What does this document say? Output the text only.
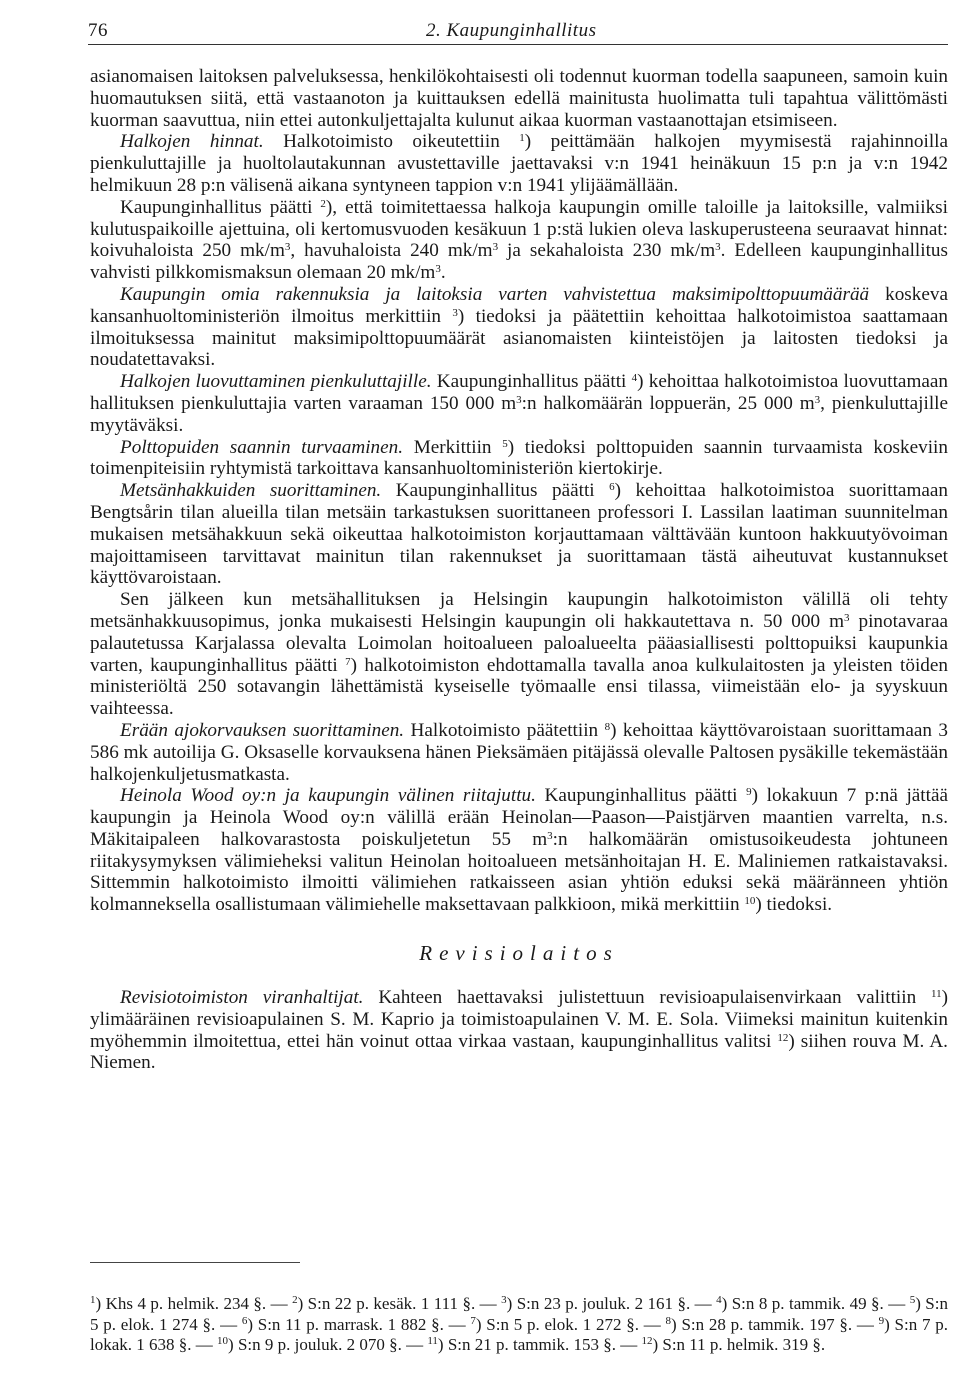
76	2. Kaupunginhallitus

asianomaisen laitoksen palveluksessa, henkilökohtaisesti oli todennut kuorman todella saapuneen, samoin kuin huomautuksen siitä, että vastaanoton ja kuittauksen edellä mainitusta huolimatta tuli tapahtua välittömästi kuorman saavuttua, niin ettei autonkuljettajalta kulunut aikaa kuorman vastaanottajan etsimiseen.

Halkojen hinnat. Halkotoimisto oikeutettiin $^1$) peittämään halkojen myymisestä rajahinnoilla pienkuluttajille ja huoltolautakunnan avustettaville jaettavaksi v:n 1941 heinäkuun 15 p:n ja v:n 1942 helmikuun 28 p:n välisenä aikana syntyneen tappion v:n 1941 ylijäämällään.

Kaupunginhallitus päätti $^2$), että toimitettaessa halkoja kaupungin omille taloille ja laitoksille, valmiiksi kulutuspaikoille ajettuina, oli kertomusvuoden kesäkuun 1 p:stä lukien oleva laskuperusteena seuraavat hinnat: koivuhaloista 250 $mk/m^3$, havuhaloista 240 $mk/m^3$ ja sekahaloista 230 $mk/m^3$. Edelleen kaupunginhallitus vahvisti pilkkomismaksun olemaan 20 $mk/m^3$.

Kaupungin omia rakennuksia ja laitoksia varten vahvistettua maksimipolttopuumäärää koskeva kansanhuoltoministeriön ilmoitus merkittiin $^3$) tiedoksi ja päätettiin kehoittaa halkotoimistoa saattamaan ilmoituksessa mainitut maksimipolttopuumäärät asianomaisten kiinteistöjen ja laitosten tiedoksi ja noudatettavaksi.

Halkojen luovuttaminen pienkuluttajille. Kaupunginhallitus päätti $^4$) kehoittaa halkotoimistoa luovuttamaan hallituksen pienkuluttajia varten varaaman 150 000 $m^3:n$ halkomäärän loppuerän, 25 000 $m^3$, pienkuluttajille myytäväksi.

Polttopuiden saannin turvaaminen. Merkittiin $^5$) tiedoksi polttopuiden saannin turvaamista koskeviin toimenpiteisiin ryhtymistä tarkoittava kansanhuoltoministeriön kiertokirje.

Metsänhakkuiden suorittaminen. Kaupunginhallitus päätti $^6$) kehoittaa halkotoimistoa suorittamaan Bengtsårin tilan alueilla tilan metsäin tarkastuksen suorittaneen professori I. Lassilan laatiman suunnitelman mukaisen metsähakkuun sekä oikeuttaa halkotoimiston korjauttamaan välttävään kuntoon hakkuutyövoiman majoittamiseen tarvittavat mainitun tilan rakennukset ja suorittamaan tästä aiheutuvat kustannukset käyttövaroistaan.

Sen jälkeen kun metsähallituksen ja Helsingin kaupungin halkotoimiston välillä oli tehty metsänhakkuusopimus, jonka mukaisesti Helsingin kaupungin oli hakkautettava n. 50 000 $m^3$ pinotavaraa palautetussa Karjalassa olevalta Loimolan hoitoalueen paloalueelta pääasiallisesti polttopuiksi kaupunkia varten, kaupunginhallitus päätti $^7$) halkotoimiston ehdottamalla tavalla anoa kulkulaitosten ja yleisten töiden ministeriöltä 250 sotavangin lähettämistä kyseiselle työmaalle ensi tilassa, viimeistään elo- ja syyskuun vaihteessa.

Erään ajokorvauksen suorittaminen. Halkotoimisto päätettiin $^8$) kehoittaa käyttövaroistaan suorittamaan 3 586 mk autoilija G. Oksaselle korvauksena hänen Pieksämäen pitäjässä olevalle Paltosen pysäkille tekemästään halkojenkuljetusmatkasta.

Heinola Wood oy:n ja kaupungin välinen riitajuttu. Kaupunginhallitus päätti $^9$) lokakuun 7 p:nä jättää kaupungin ja Heinola Wood oy:n välillä erään Heinolan—Paason—Paistjärven maantien varrelta, n.s. Mäkitaipaleen halkovarastosta poiskuljetetun 55 $m^3:n$ halkomäärän omistusoikeudesta johtuneen riitakysymyksen välimieheksi valitun Heinolan hoitoalueen metsänhoitajan H. E. Maliniemen ratkaistavaksi. Sittemmin halkotoimisto ilmoitti välimiehen ratkaisseen asian yhtiön eduksi sekä määränneen yhtiön kolmanneksella osallistumaan välimiehelle maksettavaan palkkioon, mikä merkittiin $^{10}$) tiedoksi.

Revisiolaitos

Revisiotoimiston viranhaltijat. Kahteen haettavaksi julistettuun revisioapulaisenvirkaan valittiin $^{11}$) ylimääräinen revisioapulainen S. M. Kaprio ja toimistoapulainen V. M. E. Sola. Viimeksi mainitun kuitenkin myöhemmin ilmoitettua, ettei hän voinut ottaa virkaa vastaan, kaupunginhallitus valitsi $^{12}$) siihen rouva M. A. Niemen.

$^1$) Khs 4 p. helmik. 234 §. — $^2$) S:n 22 p. kesäk. 1 111 §. — $^3$) S:n 23 p. jouluk. 2 161 §. — $^4$) S:n 8 p. tammik. 49 §. — $^5$) S:n 5 p. elok. 1 274 §. — $^6$) S:n 11 p. marrask. 1 882 §. — $^7$) S:n 5 p. elok. 1 272 §. — $^8$) S:n 28 p. tammik. 197 §. — $^9$) S:n 7 p. lokak. 1 638 §. — $^{10}$) S:n 9 p. jouluk. 2 070 §. — $^{11}$) S:n 21 p. tammik. 153 §. — $^{12}$) S:n 11 p. helmik. 319 §.
